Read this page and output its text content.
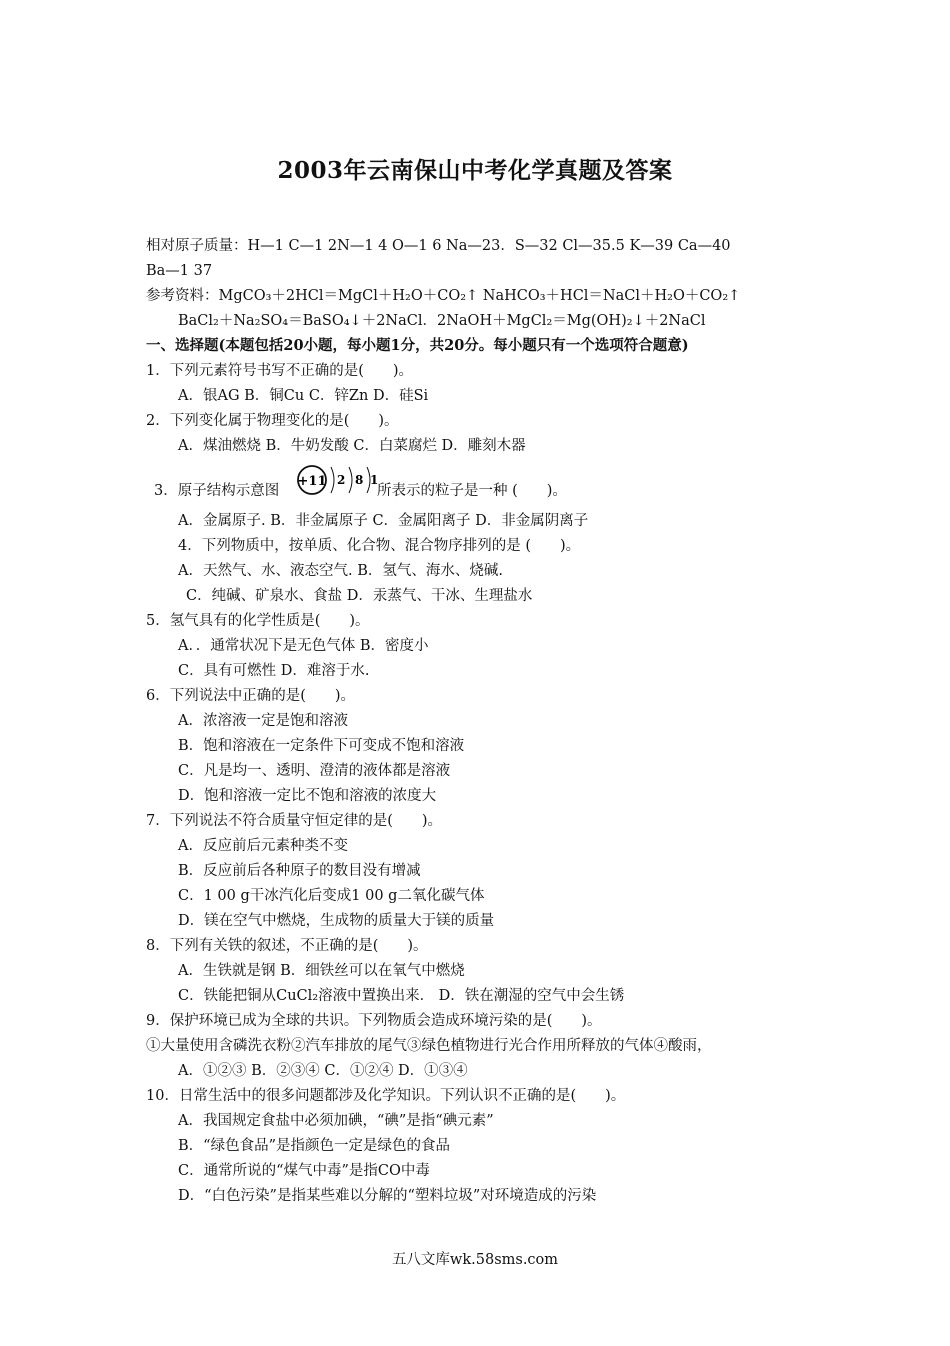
2003年云南保山中考化学真题及答案
相对原子质量：H—1 C—1 2N—1 4 O—1 6 Na—23．S—32 Cl—35.5 K—39 Ca—40
Ba—1 37
参考资料：MgCO₃＋2HCl＝MgCl＋H₂O＋CO₂↑ NaHCO₃＋HCl＝NaCl＋H₂O＋CO₂↑
BaCl₂＋Na₂SO₄＝BaSO₄↓＋2NaCl．2NaOH＋MgCl₂＝Mg(OH)₂↓＋2NaCl
一、选择题(本题包括20小题，每小题1分，共20分。每小题只有一个选项符合题意)
1．下列元素符号书写不正确的是(　　)。
A．银AG B．铜Cu C．锌Zn D．硅Si
2．下列变化属于物理变化的是(　　)。
A．煤油燃烧 B．牛奶发酸 C．白菜腐烂 D．雕刻木器
3．原子结构示意图
+11 2 8 1
所表示的粒子是一种 (　　)。
A．金属原子. B．非金属原子 C．金属阳离子 D．非金属阴离子
4．下列物质中，按单质、化合物、混合物序排列的是 (　　)。
A．天然气、水、液态空气. B．氢气、海水、烧碱.
C．纯碱、矿泉水、食盐 D．汞蒸气、干冰、生理盐水
5．氢气具有的化学性质是(　　)。
A．．通常状况下是无色气体 B．密度小
C．具有可燃性 D．难溶于水.
6．下列说法中正确的是(　　)。
A．浓溶液一定是饱和溶液
B．饱和溶液在一定条件下可变成不饱和溶液
C．凡是均一、透明、澄清的液体都是溶液
D．饱和溶液一定比不饱和溶液的浓度大
7．下列说法不符合质量守恒定律的是(　　)。
A．反应前后元素种类不变
B．反应前后各种原子的数目没有增减
C．1 00 g干冰汽化后变成1 00 g二氧化碳气体
D．镁在空气中燃烧，生成物的质量大于镁的质量
8．下列有关铁的叙述，不正确的是(　　)。
A．生铁就是钢 B．细铁丝可以在氧气中燃烧
C．铁能把铜从CuCl₂溶液中置换出来． D．铁在潮湿的空气中会生锈
9．保护环境已成为全球的共识。下列物质会造成环境污染的是(　　)。
①大量使用含磷洗衣粉②汽车排放的尾气③绿色植物进行光合作用所释放的气体④酸雨，
A．①②③ B．②③④ C．①②④ D．①③④
10．日常生活中的很多问题都涉及化学知识。下列认识不正确的是(　　)。
A．我国规定食盐中必须加碘，“碘”是指“碘元素”
B．“绿色食品”是指颜色一定是绿色的食品
C．通常所说的“煤气中毒”是指CO中毒
D．“白色污染”是指某些难以分解的“塑料垃圾”对环境造成的污染
五八文库wk.58sms.com
